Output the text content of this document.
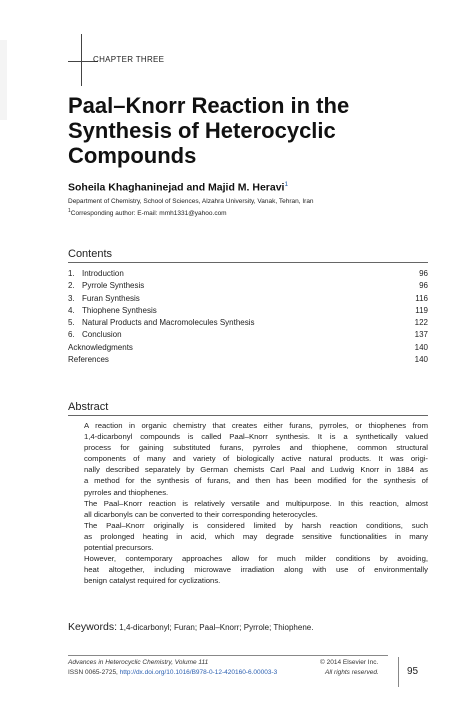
CHAPTER THREE
Paal–Knorr Reaction in the
Synthesis of Heterocyclic
Compounds
Soheila Khaghaninejad and Majid M. Heravi$^1$
Department of Chemistry, School of Sciences, Alzahra University, Vanak, Tehran, Iran
$^1$Corresponding author: E-mail: mmh1331@yahoo.com
Contents
1. Introduction	96
2. Pyrrole Synthesis	96
3. Furan Synthesis	116
4. Thiophene Synthesis	119
5. Natural Products and Macromolecules Synthesis	122
6. Conclusion	137
Acknowledgments	140
References	140
Abstract
A reaction in organic chemistry that creates either furans, pyrroles, or thiophenes from
1,4-dicarbonyl compounds is called Paal–Knorr synthesis. It is a synthetically valued
process for gaining substituted furans, pyrroles and thiophene, common structural
components of many and variety of biologically active natural products. It was origi-
nally described separately by German chemists Carl Paal and Ludwig Knorr in 1884 as
a method for the synthesis of furans, and then has been modified for the synthesis of
pyrroles and thiophenes.
The Paal–Knorr reaction is relatively versatile and multipurpose. In this reaction, almost
all dicarbonyls can be converted to their corresponding heterocycles.
The Paal–Knorr originally is considered limited by harsh reaction conditions, such
as prolonged heating in acid, which may degrade sensitive functionalities in many
potential precursors.
However, contemporary approaches allow for much milder conditions by avoiding,
heat altogether, including microwave irradiation along with use of environmentally
benign catalyst required for cyclizations.
Keywords: 1,4-dicarbonyl; Furan; Paal–Knorr; Pyrrole; Thiophene.
Advances in Heterocyclic Chemistry, Volume 111
ISSN 0065-2725, http://dx.doi.org/10.1016/B978-0-12-420160-6.00003-3
© 2014 Elsevier Inc.
All rights reserved.	95
